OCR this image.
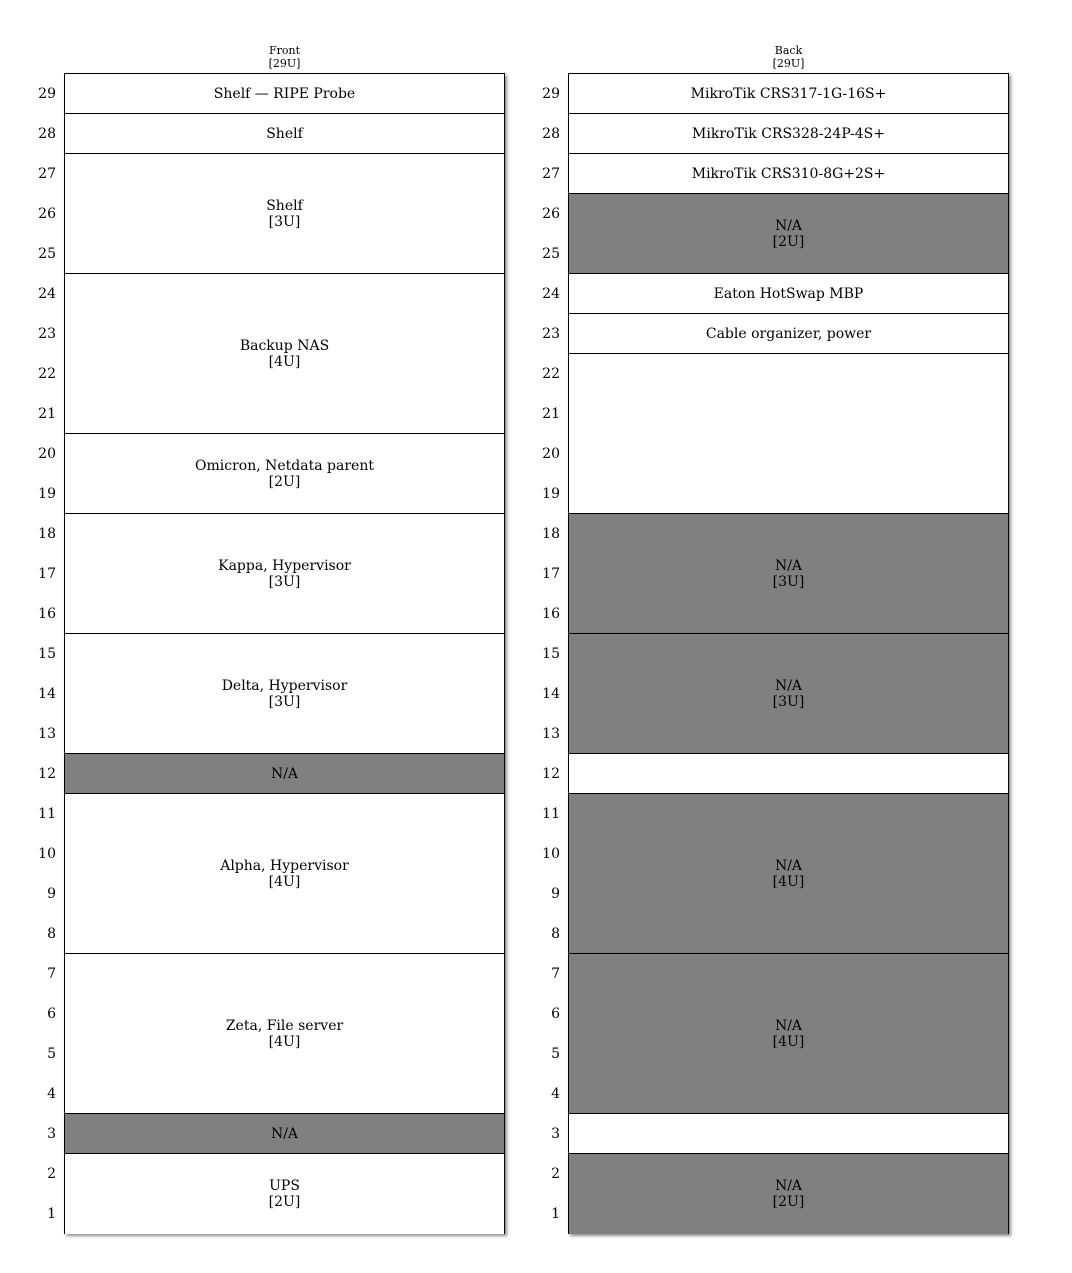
Front
[29U]
29
28
27
26
25
24
23
22
21
20
19
18
17
16
15
14
13
12
11
10
9
8
7
6
5
4
3
2
1
Shelf — RIPE Probe
Shelf
Shelf
[3U]
Backup NAS
[4U]
Omicron, Netdata parent
[2U]
Kappa, Hypervisor
[3U]
Delta, Hypervisor
[3U]
N/A
Alpha, Hypervisor
[4U]
Zeta, File server
[4U]
N/A
UPS
[2U]
Back
[29U]
29
28
27
26
25
24
23
22
21
20
19
18
17
16
15
14
13
12
11
10
9
8
7
6
5
4
3
2
1
MikroTik CRS317-1G-16S+
MikroTik CRS328-24P-4S+
MikroTik CRS310-8G+2S+
N/A
[2U]
Eaton HotSwap MBP
Cable organizer, power
N/A
[3U]
N/A
[3U]
N/A
[4U]
N/A
[4U]
N/A
[2U]
